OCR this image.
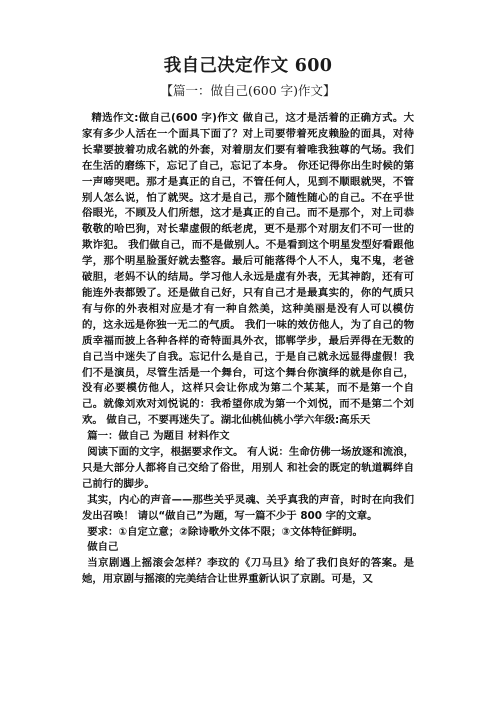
我自己决定作文 600
【篇一：做自己(600 字)作文】

精选作文:做自己(600 字)作文 做自己，这才是活着的正确方式。大家有多少人活在一个面具下面了？对上司要带着死皮赖脸的面具，对待长辈要披着功成名就的外套，对着朋友们要有着唯我独尊的气场。我们在生活的磨练下，忘记了自己，忘记了本身。 你还记得你出生时候的第一声啼哭吧。那才是真正的自己，不管任何人，见到不顺眼就哭，不管别人怎么说，怕了就哭。这才是自己，那个随性随心的自己。不在乎世俗眼光，不顾及人们所想，这才是真正的自己。而不是那个，对上司恭敬敬的哈巴狗，对长辈虚假的纸老虎，更不是那个对朋友们不可一世的欺诈犯。 我们做自己，而不是做别人。不是看到这个明星发型好看跟他学，那个明星脸蛋好就去整容。最后可能落得个人不人，鬼不鬼，老爸破胆，老妈不认的结局。学习他人永远是虚有外表，无其神韵，还有可能连外表都毁了。还是做自己好，只有自己才是最真实的，你的气质只有与你的外表相对应是才有一种自然美，这种美丽是没有人可以模仿的，这永远是你独一无二的气质。 我们一味的效仿他人，为了自己的物质幸福而披上各种各样的奇特面具外衣，邯郸学步，最后弄得在无数的自己当中迷失了自我。忘记什么是自己，于是自己就永远显得虚假！我们不是演员，尽管生活是一个舞台，可这个舞台你演绎的就是你自己，没有必要模仿他人，这样只会让你成为第二个某某，而不是第一个自己。就像刘欢对刘悦说的：我希望你成为第一个刘悦，而不是第二个刘欢。 做自己，不要再迷失了。湖北仙桃仙桃小学六年级:高乐天

篇一：做自己 为题目 材料作文

阅读下面的文字，根据要求作文。 有人说：生命仿佛一场放逐和流浪，只是大部分人都将自己交给了俗世，用别人 和社会的既定的轨道羁绊自己前行的脚步。

其实，内心的声音——那些关乎灵魂、关乎真我的声音，时时在向我们发出召唤！ 请以“做自己”为题，写一篇不少于 800 字的文章。

要求：①自定立意；②除诗歌外文体不限；③文体特征鲜明。

做自己

当京剧遇上摇滚会怎样？李玟的《刀马旦》给了我们良好的答案。是她，用京剧与摇滚的完美结合让世界重新认识了京剧。可是，又
